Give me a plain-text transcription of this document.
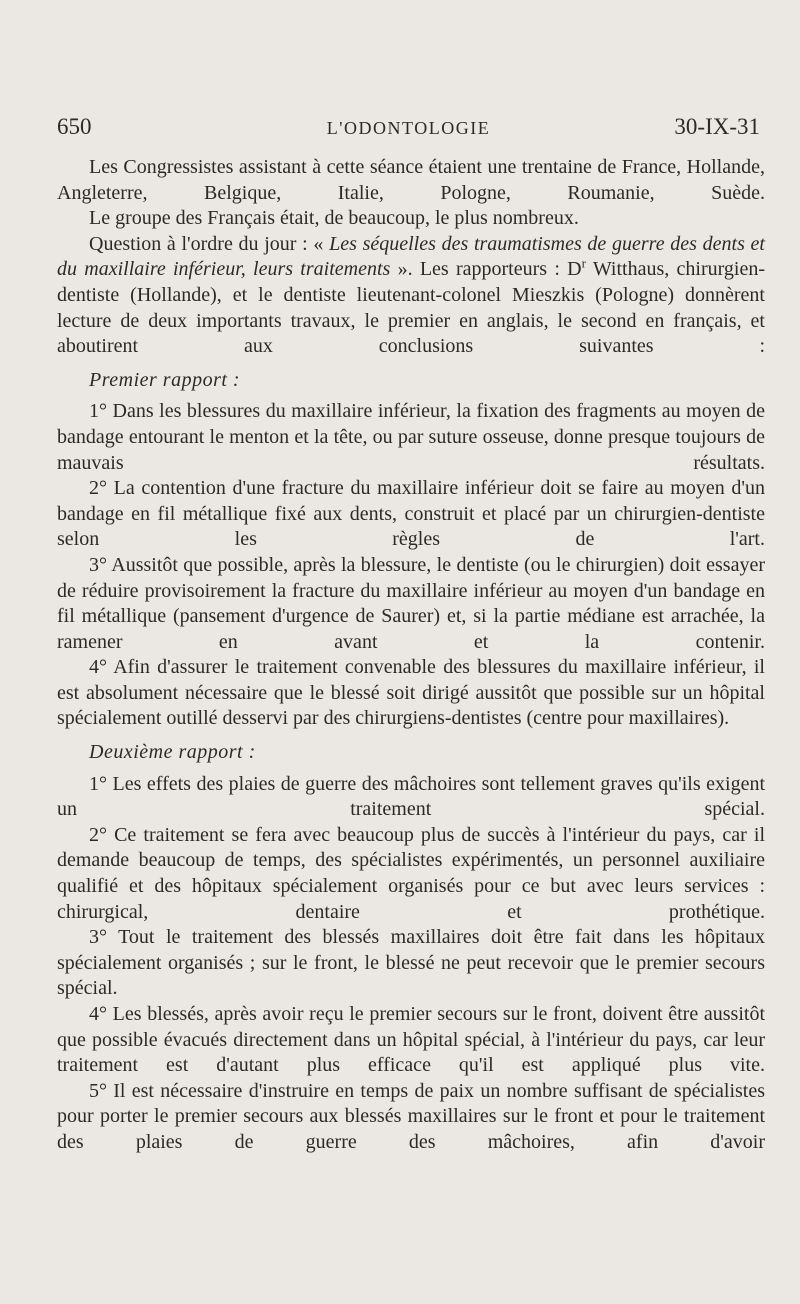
650	L'ODONTOLOGIE	30-IX-31

Les Congressistes assistant à cette séance étaient une trentaine de France, Hollande, Angleterre, Belgique, Italie, Pologne, Roumanie, Suède.

Le groupe des Français était, de beaucoup, le plus nombreux.

Question à l'ordre du jour : « Les séquelles des traumatismes de guerre des dents et du maxillaire inférieur, leurs traitements ». Les rapporteurs : $D^r$ Witthaus, chirurgien-dentiste (Hollande), et le dentiste lieutenant-colonel Mieszkis (Pologne) donnèrent lecture de deux importants travaux, le premier en anglais, le second en français, et aboutirent aux conclusions suivantes :

Premier rapport :

1° Dans les blessures du maxillaire inférieur, la fixation des fragments au moyen de bandage entourant le menton et la tête, ou par suture osseuse, donne presque toujours de mauvais résultats.

2° La contention d'une fracture du maxillaire inférieur doit se faire au moyen d'un bandage en fil métallique fixé aux dents, construit et placé par un chirurgien-dentiste selon les règles de l'art.

3° Aussitôt que possible, après la blessure, le dentiste (ou le chirurgien) doit essayer de réduire provisoirement la fracture du maxillaire inférieur au moyen d'un bandage en fil métallique (pansement d'urgence de Saurer) et, si la partie médiane est arrachée, la ramener en avant et la contenir.

4° Afin d'assurer le traitement convenable des blessures du maxillaire inférieur, il est absolument nécessaire que le blessé soit dirigé aussitôt que possible sur un hôpital spécialement outillé desservi par des chirurgiens-dentistes (centre pour maxillaires).

Deuxième rapport :

1° Les effets des plaies de guerre des mâchoires sont tellement graves qu'ils exigent un traitement spécial.

2° Ce traitement se fera avec beaucoup plus de succès à l'intérieur du pays, car il demande beaucoup de temps, des spécialistes expérimentés, un personnel auxiliaire qualifié et des hôpitaux spécialement organisés pour ce but avec leurs services : chirurgical, dentaire et prothétique.

3° Tout le traitement des blessés maxillaires doit être fait dans les hôpitaux spécialement organisés ; sur le front, le blessé ne peut recevoir que le premier secours spécial.

4° Les blessés, après avoir reçu le premier secours sur le front, doivent être aussitôt que possible évacués directement dans un hôpital spécial, à l'intérieur du pays, car leur traitement est d'autant plus efficace qu'il est appliqué plus vite.

5° Il est nécessaire d'instruire en temps de paix un nombre suffisant de spécialistes pour porter le premier secours aux blessés maxillaires sur le front et pour le traitement des plaies de guerre des mâchoires, afin d'avoir
